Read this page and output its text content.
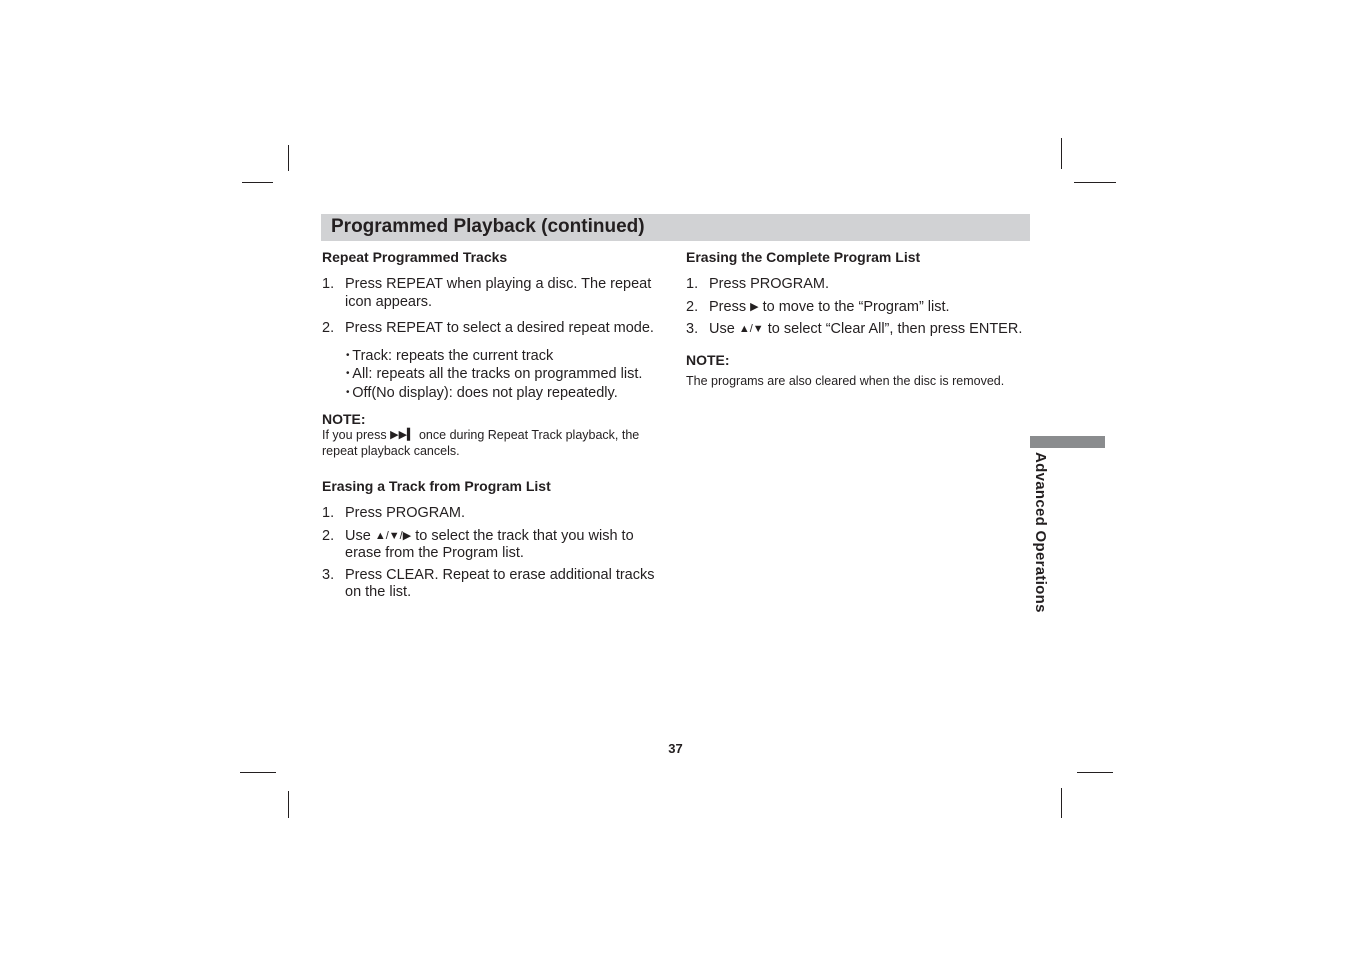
Programmed Playback (continued)

Repeat Programmed Tracks

1. Press REPEAT when playing a disc. The repeat icon appears.
2. Press REPEAT to select a desired repeat mode.
• Track: repeats the current track
• All: repeats all the tracks on programmed list.
• Off(No display): does not play repeatedly.

NOTE:

If you press ▶▶▍ once during Repeat Track playback, the repeat playback cancels.

Erasing a Track from Program List

1. Press PROGRAM.
2. Use ▲/▼/▶ to select the track that you wish to erase from the Program list.
3. Press CLEAR. Repeat to erase additional tracks on the list.

Erasing the Complete Program List

1. Press PROGRAM.
2. Press ▶ to move to the “Program” list.
3. Use ▲/▼ to select “Clear All”, then press ENTER.

NOTE:

The programs are also cleared when the disc is removed.

Advanced Operations
37
